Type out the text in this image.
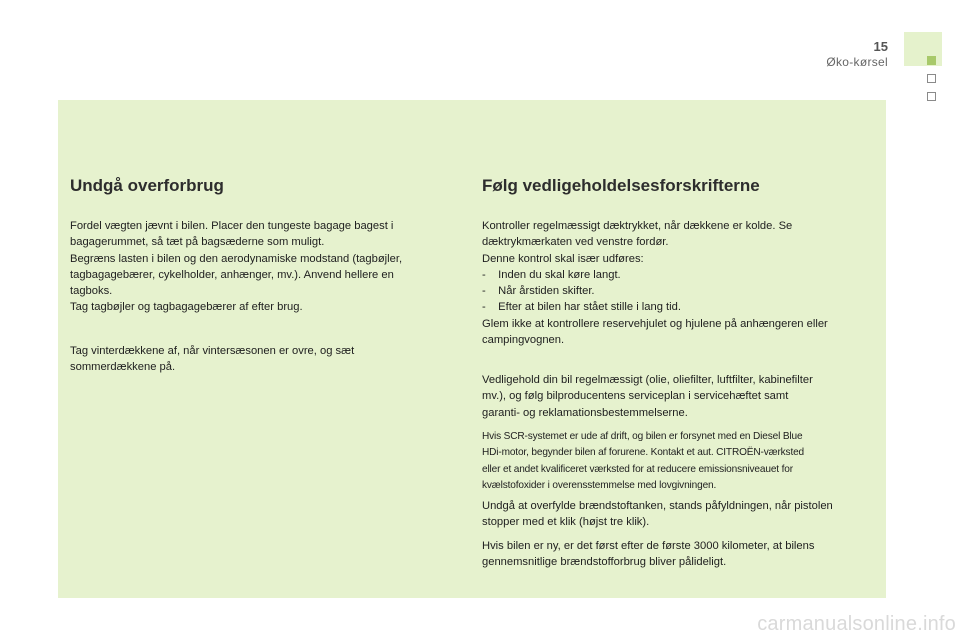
15
Øko-kørsel
Undgå overforbrug

Fordel vægten jævnt i bilen. Placer den tungeste bagage bagest i
bagagerummet, så tæt på bagsæderne som muligt.
Begræns lasten i bilen og den aerodynamiske modstand (tagbøjler,
tagbagagebærer, cykelholder, anhænger, mv.). Anvend hellere en
tagboks.
Tag tagbøjler og tagbagagebærer af efter brug.

Tag vinterdækkene af, når vintersæsonen er ovre, og sæt
sommerdækkene på.

Følg vedligeholdelsesforskrifterne

Kontroller regelmæssigt dæktrykket, når dækkene er kolde. Se
dæktrykmærkaten ved venstre fordør.
Denne kontrol skal især udføres:
-    Inden du skal køre langt.
-    Når årstiden skifter.
-    Efter at bilen har stået stille i lang tid.
Glem ikke at kontrollere reservehjulet og hjulene på anhængeren eller
campingvognen.

Vedligehold din bil regelmæssigt (olie, oliefilter, luftfilter, kabinefilter
mv.), og følg bilproducentens serviceplan i servicehæftet samt
garanti- og reklamationsbestemmelserne.

Hvis SCR-systemet er ude af drift, og bilen er forsynet med en Diesel Blue
HDi-motor, begynder bilen af forurene. Kontakt et aut. CITROËN-værksted
eller et andet kvalificeret værksted for at reducere emissionsniveauet for
kvælstofoxider i overensstemmelse med lovgivningen.

Undgå at overfylde brændstoftanken, stands påfyldningen, når pistolen
stopper med et klik (højst tre klik).

Hvis bilen er ny, er det først efter de første 3000 kilometer, at bilens
gennemsnitlige brændstofforbrug bliver pålideligt.

carmanualsonline.info
